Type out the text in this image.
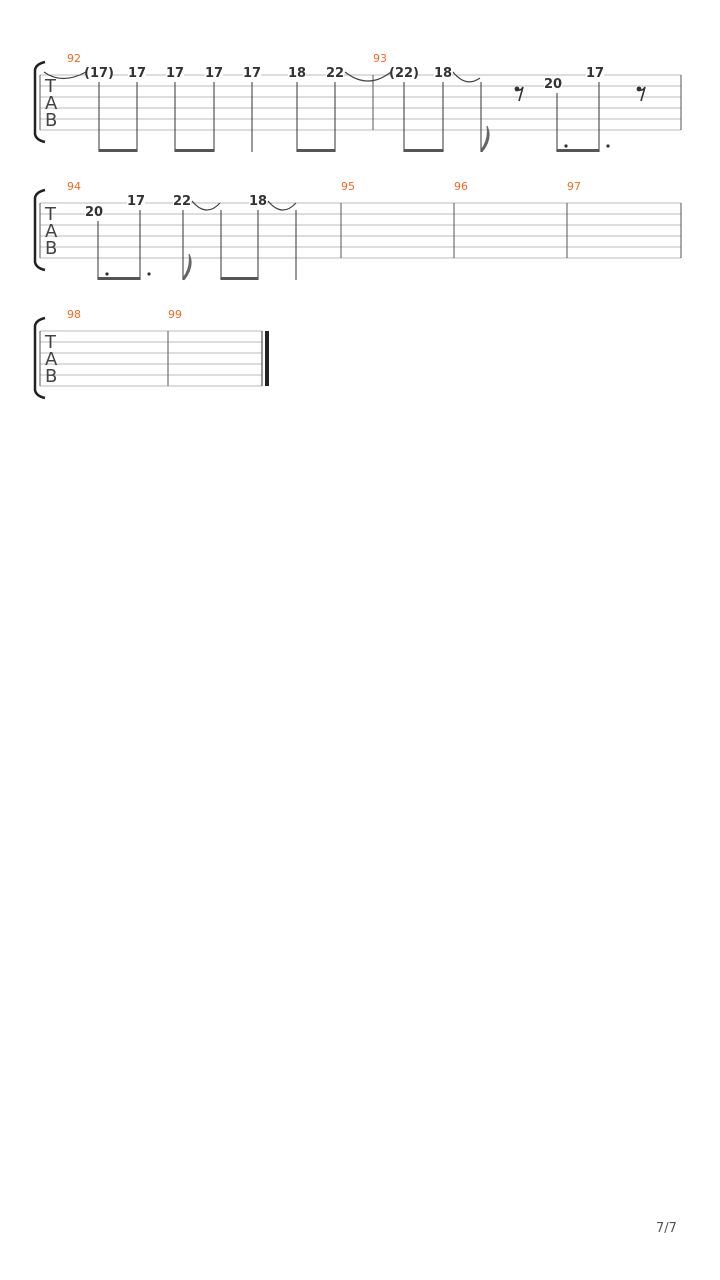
T
A
B
92	93
(17) 17 17 17 17 18 22	(22) 18
20
17
T
A
B
94	95	96	97
20
17 22	18
T
A
B
98	99
7/7
